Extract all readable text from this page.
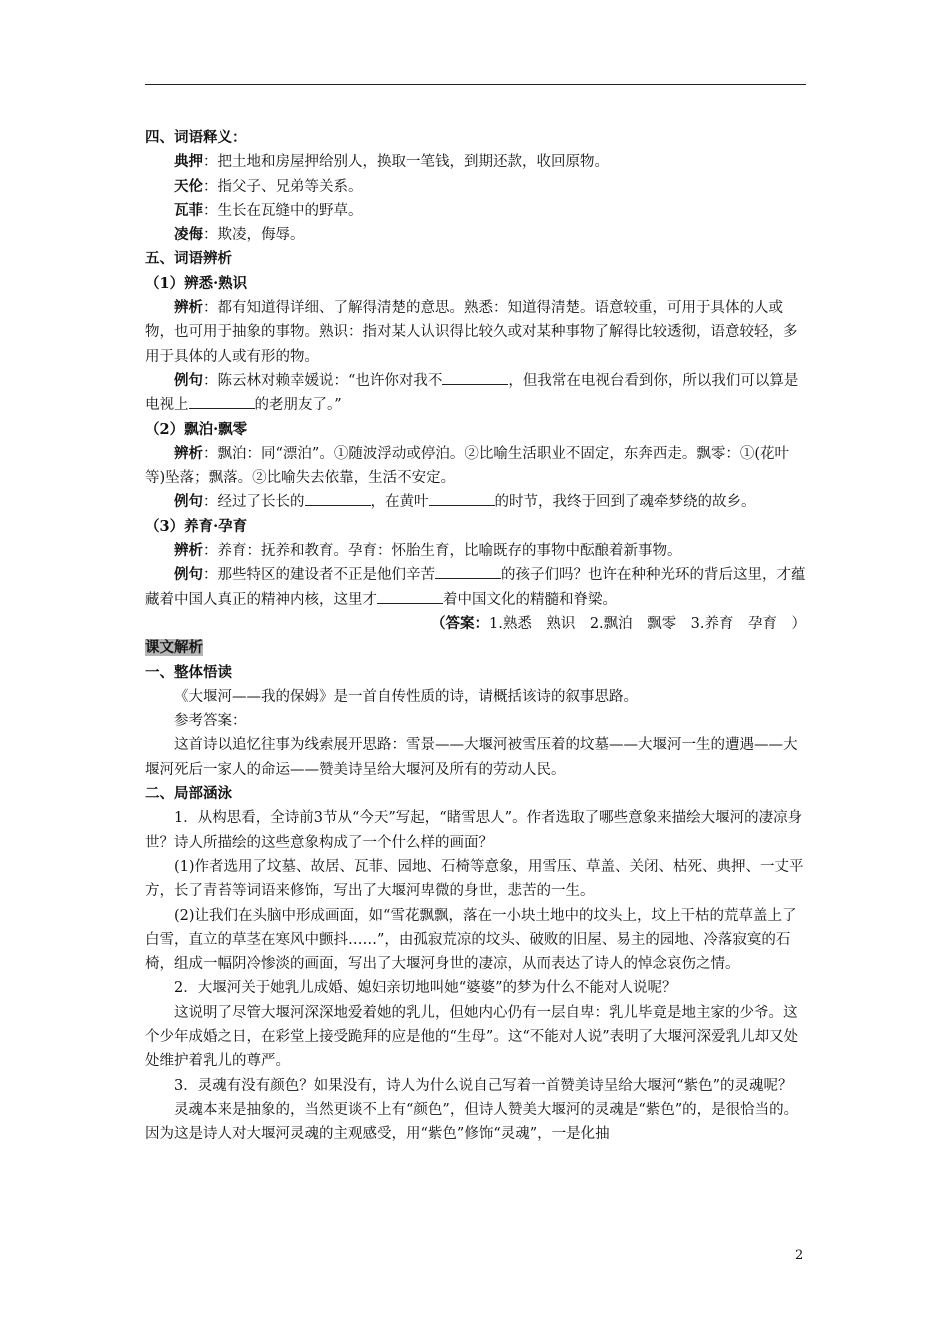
四、词语释义：

典押：把土地和房屋押给别人，换取一笔钱，到期还款，收回原物。

天伦：指父子、兄弟等关系。

瓦菲：生长在瓦缝中的野草。

凌侮：欺凌，侮辱。

五、词语辨析

（1）辨悉·熟识

辨析：都有知道得详细、了解得清楚的意思。熟悉：知道得清楚。语意较重，可用于具体的人或物，也可用于抽象的事物。熟识：指对某人认识得比较久或对某种事物了解得比较透彻，语意较轻，多用于具体的人或有形的物。

例句：陈云林对赖幸媛说：“也许你对我不	，但我常在电视台看到你，所以我们可以算是电视上	的老朋友了。”

（2）飘泊·飘零

辨析：飘泊：同“漂泊”。①随波浮动或停泊。②比喻生活职业不固定，东奔西走。飘零：①(花叶等)坠落；飘落。②比喻失去依靠，生活不安定。

例句：经过了长长的	，在黄叶	的时节，我终于回到了魂牵梦绕的故乡。

（3）养育·孕育

辨析：养育：抚养和教育。孕育：怀胎生育，比喻既存的事物中酝酿着新事物。

例句：那些特区的建设者不正是他们辛苦	的孩子们吗？也许在种种光环的背后这里，才蕴藏着中国人真正的精神内核，这里才	着中国文化的精髓和脊梁。

（答案：1.熟悉　熟识　2.飘泊　飘零　3.养育　孕育　）

课文解析

一、整体悟读

《大堰河——我的保姆》是一首自传性质的诗，请概括该诗的叙事思路。

参考答案：

这首诗以追忆往事为线索展开思路：雪景——大堰河被雪压着的坟墓——大堰河一生的遭遇——大堰河死后一家人的命运——赞美诗呈给大堰河及所有的劳动人民。

二、局部涵泳

1．从构思看，全诗前3节从“今天”写起，“睹雪思人”。作者选取了哪些意象来描绘大堰河的凄凉身世？诗人所描绘的这些意象构成了一个什么样的画面？

(1)作者选用了坟墓、故居、瓦菲、园地、石椅等意象，用雪压、草盖、关闭、枯死、典押、一丈平方，长了青苔等词语来修饰，写出了大堰河卑微的身世，悲苦的一生。

(2)让我们在头脑中形成画面，如“雪花飘飘，落在一小块土地中的坟头上，坟上干枯的荒草盖上了白雪，直立的草茎在寒风中颤抖……”，由孤寂荒凉的坟头、破败的旧屋、易主的园地、冷落寂寞的石椅，组成一幅阴冷惨淡的画面，写出了大堰河身世的凄凉，从而表达了诗人的悼念哀伤之情。

2．大堰河关于她乳儿成婚、媳妇亲切地叫她“婆婆”的梦为什么不能对人说呢？

这说明了尽管大堰河深深地爱着她的乳儿，但她内心仍有一层自卑：乳儿毕竟是地主家的少爷。这个少年成婚之日，在彩堂上接受跪拜的应是他的“生母”。这“不能对人说”表明了大堰河深爱乳儿却又处处维护着乳儿的尊严。

3．灵魂有没有颜色？如果没有，诗人为什么说自己写着一首赞美诗呈给大堰河“紫色”的灵魂呢？

灵魂本来是抽象的，当然更谈不上有“颜色”，但诗人赞美大堰河的灵魂是“紫色”的，是很恰当的。因为这是诗人对大堰河灵魂的主观感受，用“紫色”修饰“灵魂”，一是化抽

2
